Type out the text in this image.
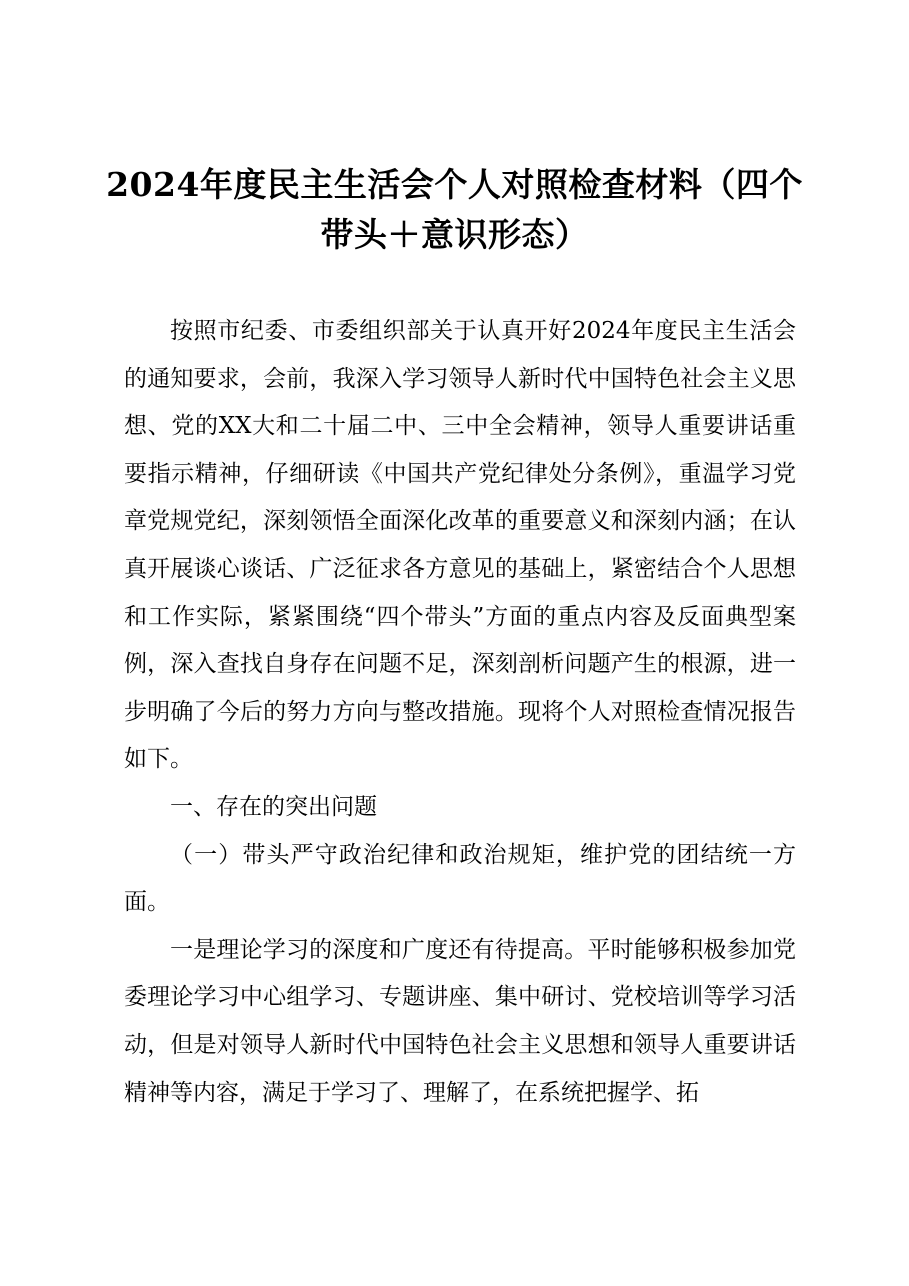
2024年度民主生活会个人对照检查材料（四个带头＋意识形态）

按照市纪委、市委组织部关于认真开好2024年度民主生活会的通知要求，会前，我深入学习领导人新时代中国特色社会主义思想、党的XX大和二十届二中、三中全会精神，领导人重要讲话重要指示精神，仔细研读《中国共产党纪律处分条例》，重温学习党章党规党纪，深刻领悟全面深化改革的重要意义和深刻内涵；在认真开展谈心谈话、广泛征求各方意见的基础上，紧密结合个人思想和工作实际，紧紧围绕“四个带头”方面的重点内容及反面典型案例，深入查找自身存在问题不足，深刻剖析问题产生的根源，进一步明确了今后的努力方向与整改措施。现将个人对照检查情况报告如下。

一、存在的突出问题

（一）带头严守政治纪律和政治规矩，维护党的团结统一方面。

一是理论学习的深度和广度还有待提高。平时能够积极参加党委理论学习中心组学习、专题讲座、集中研讨、党校培训等学习活动，但是对领导人新时代中国特色社会主义思想和领导人重要讲话精神等内容，满足于学习了、理解了，在系统把握学、拓
